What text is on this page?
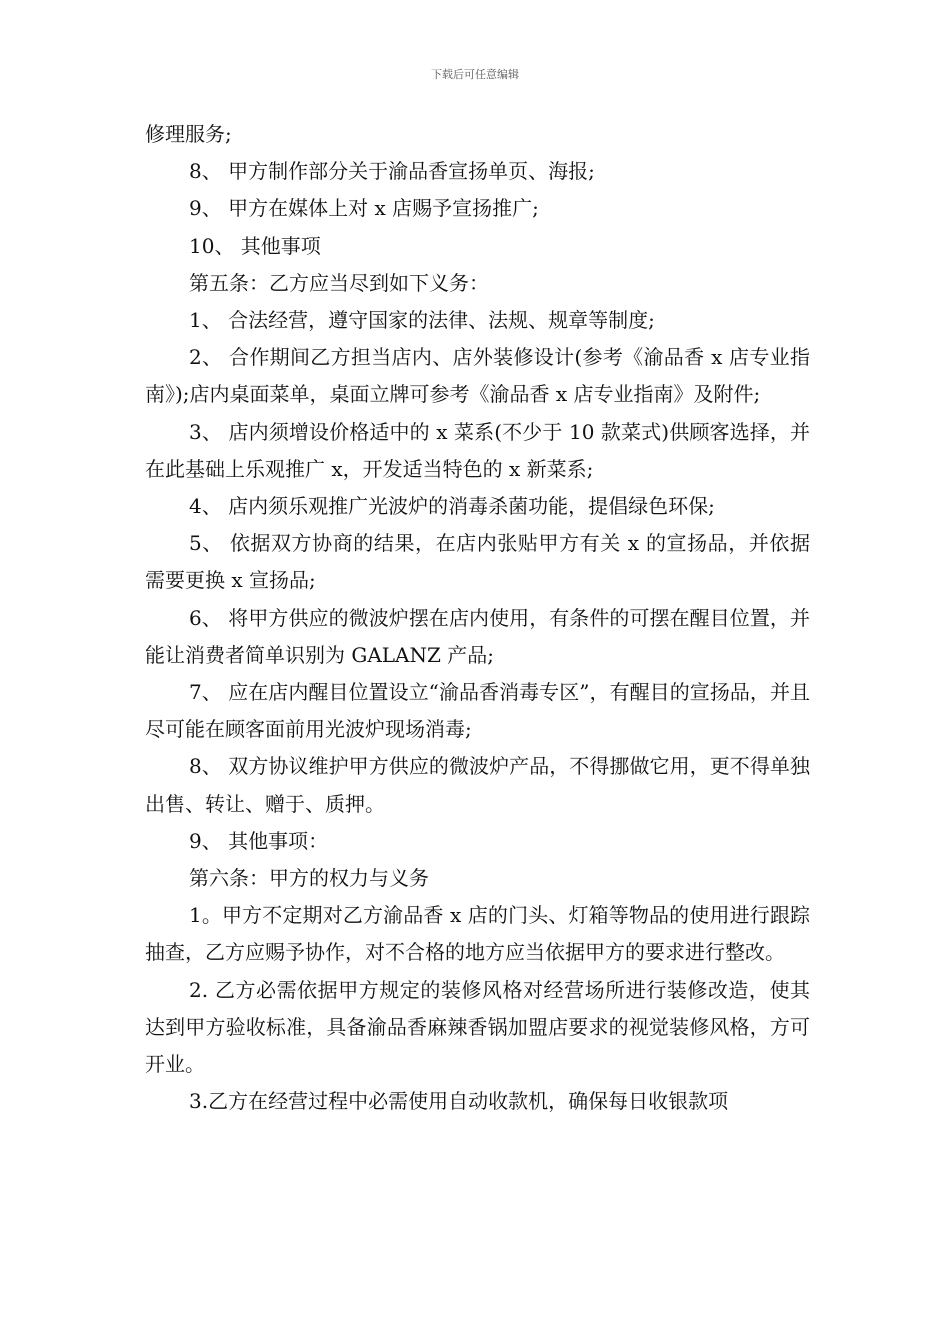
下载后可任意编辑

修理服务;

8、 甲方制作部分关于渝品香宣扬单页、海报;

9、 甲方在媒体上对 x 店赐予宣扬推广;

10、 其他事项

第五条：乙方应当尽到如下义务：

1、 合法经营，遵守国家的法律、法规、规章等制度;

2、 合作期间乙方担当店内、店外装修设计(参考《渝品香 x 店专业指南》);店内桌面菜单，桌面立牌可参考《渝品香 x 店专业指南》及附件;

3、 店内须增设价格适中的 x 菜系(不少于 10 款菜式)供顾客选择，并在此基础上乐观推广 x，开发适当特色的 x 新菜系;

4、 店内须乐观推广光波炉的消毒杀菌功能，提倡绿色环保;

5、 依据双方协商的结果，在店内张贴甲方有关 x 的宣扬品，并依据需要更换 x 宣扬品;

6、 将甲方供应的微波炉摆在店内使用，有条件的可摆在醒目位置，并能让消费者简单识别为 GALANZ 产品;

7、 应在店内醒目位置设立“渝品香消毒专区”，有醒目的宣扬品，并且尽可能在顾客面前用光波炉现场消毒;

8、 双方协议维护甲方供应的微波炉产品，不得挪做它用，更不得单独出售、转让、赠于、质押。

9、 其他事项：

第六条：甲方的权力与义务

1。甲方不定期对乙方渝品香 x 店的门头、灯箱等物品的使用进行跟踪抽查，乙方应赐予协作，对不合格的地方应当依据甲方的要求进行整改。

2. 乙方必需依据甲方规定的装修风格对经营场所进行装修改造，使其达到甲方验收标准，具备渝品香麻辣香锅加盟店要求的视觉装修风格，方可开业。

3.乙方在经营过程中必需使用自动收款机，确保每日收银款项
